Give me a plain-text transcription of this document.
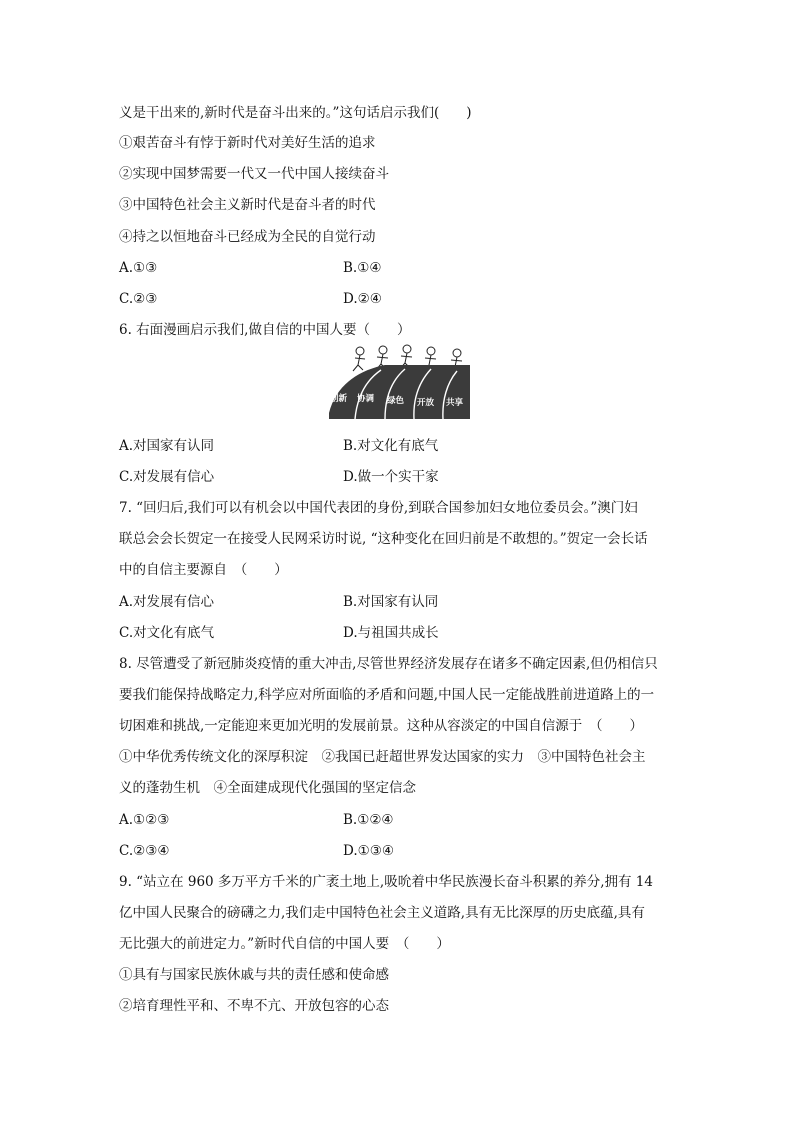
义是干出来的,新时代是奋斗出来的。”这句话启示我们(　　)
①艰苦奋斗有悖于新时代对美好生活的追求
②实现中国梦需要一代又一代中国人接续奋斗
③中国特色社会主义新时代是奋斗者的时代
④持之以恒地奋斗已经成为全民的自觉行动
A.①③	B.①④
C.②③	D.②④
6. 右面漫画启示我们,做自信的中国人要（　　）
创新 协调 绿色 开放 共享
A.对国家有认同	B.对文化有底气
C.对发展有信心	D.做一个实干家
7. “回归后,我们可以有机会以中国代表团的身份,到联合国参加妇女地位委员会。”澳门妇
联总会会长贺定一在接受人民网采访时说, “这种变化在回归前是不敢想的。”贺定一会长话
中的自信主要源自　（　　）
A.对发展有信心	B.对国家有认同
C.对文化有底气	D.与祖国共成长
8. 尽管遭受了新冠肺炎疫情的重大冲击,尽管世界经济发展存在诸多不确定因素,但仍相信只
要我们能保持战略定力,科学应对所面临的矛盾和问题,中国人民一定能战胜前进道路上的一
切困难和挑战,一定能迎来更加光明的发展前景。这种从容淡定的中国自信源于　（　　）
①中华优秀传统文化的深厚积淀　②我国已赶超世界发达国家的实力　③中国特色社会主
义的蓬勃生机　④全面建成现代化强国的坚定信念
A.①②③	B.①②④
C.②③④	D.①③④
9. “站立在 960 多万平方千米的广袤土地上,吸吮着中华民族漫长奋斗积累的养分,拥有 14
亿中国人民聚合的磅礴之力,我们走中国特色社会主义道路,具有无比深厚的历史底蕴,具有
无比强大的前进定力。”新时代自信的中国人要　（　　）
①具有与国家民族休戚与共的责任感和使命感
②培育理性平和、不卑不亢、开放包容的心态
